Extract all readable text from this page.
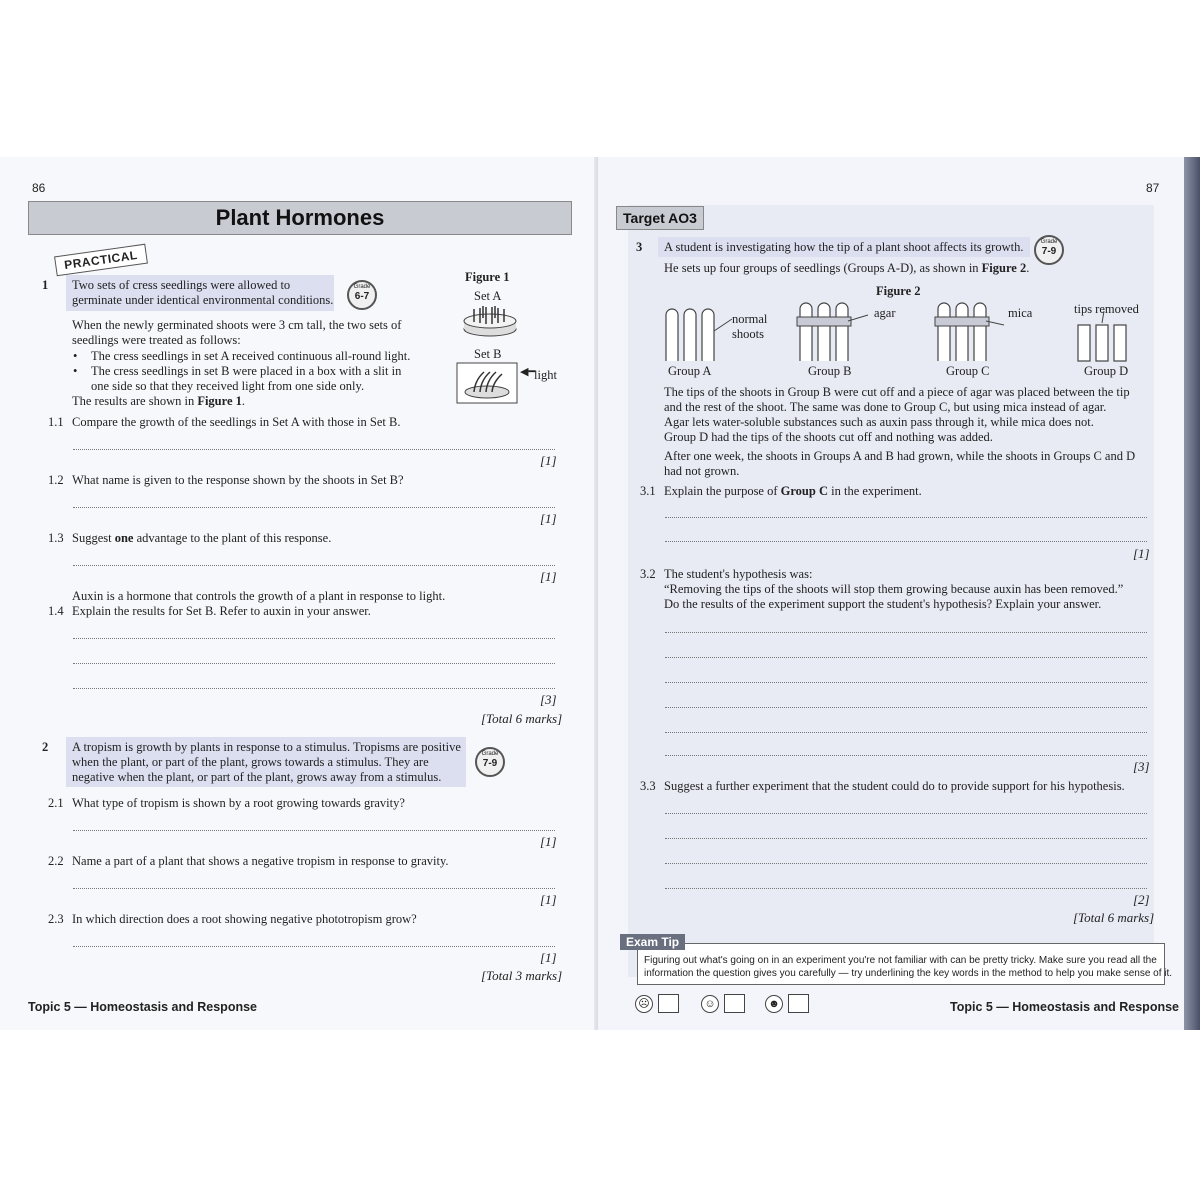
86
Plant Hormones
PRACTICAL
1 Two sets of cress seedlings were allowed to
germinate under identical environmental conditions.
Grade
6-7
When the newly germinated shoots were 3 cm tall, the two sets of
seedlings were treated as follows:
• The cress seedlings in set A received continuous all-round light.
• The cress seedlings in set B were placed in a box with a slit in
one side so that they received light from one side only.
The results are shown in Figure 1.
Figure 1
Set A
Set B
◀━
light
1.1 Compare the growth of the seedlings in Set A with those in Set B.
[1]
1.2 What name is given to the response shown by the shoots in Set B?
[1]
1.3 Suggest one advantage to the plant of this response.
[1]
Auxin is a hormone that controls the growth of a plant in response to light.
1.4 Explain the results for Set B. Refer to auxin in your answer.
[3]
[Total 6 marks]
2 A tropism is growth by plants in response to a stimulus. Tropisms are positive
when the plant, or part of the plant, grows towards a stimulus. They are
negative when the plant, or part of the plant, grows away from a stimulus.
Grade
7-9
2.1 What type of tropism is shown by a root growing towards gravity?
[1]
2.2 Name a part of a plant that shows a negative tropism in response to gravity.
[1]
2.3 In which direction does a root showing negative phototropism grow?
[1]
[Total 3 marks]
Topic 5 — Homeostasis and Response
87
Target AO3
3 A student is investigating how the tip of a plant shoot affects its growth.	Grade
7-9
He sets up four groups of seedlings (Groups A-D), as shown in Figure 2.
Figure 2
normal
shoots
agar	mica	tips removed
Group A	Group B	Group C	Group D
The tips of the shoots in Group B were cut off and a piece of agar was placed between the tip
and the rest of the shoot. The same was done to Group C, but using mica instead of agar.
Agar lets water-soluble substances such as auxin pass through it, while mica does not.
Group D had the tips of the shoots cut off and nothing was added.
After one week, the shoots in Groups A and B had grown, while the shoots in Groups C and D
had not grown.
3.1 Explain the purpose of Group C in the experiment.
[1]
3.2 The student's hypothesis was:
“Removing the tips of the shoots will stop them growing because auxin has been removed.”
Do the results of the experiment support the student's hypothesis? Explain your answer.
[3]
3.3 Suggest a further experiment that the student could do to provide support for his hypothesis.
[2]
[Total 6 marks]
Exam Tip
Figuring out what's going on in an experiment you're not familiar with can be pretty tricky. Make sure you read all the
information the question gives you carefully — try underlining the key words in the method to help you make sense of it.
☹	☺	☻	Topic 5 — Homeostasis and Response
